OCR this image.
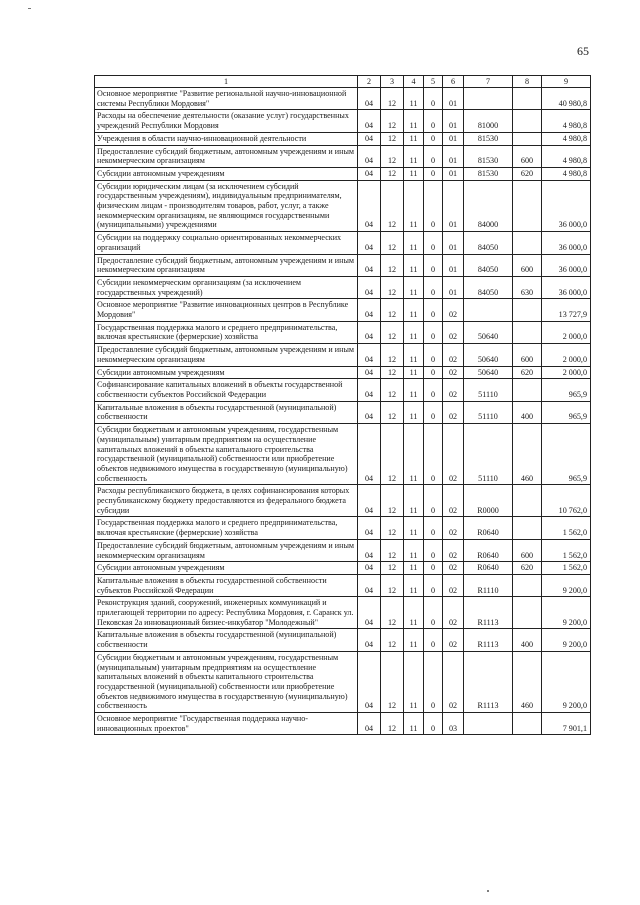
65
1	2	3	4	5	6	7	8	9
Основное мероприятие "Развитие региональной научно-инновационной системы Республики Мордовия"	04	12	11	0	01			40 980,8
Расходы на обеспечение деятельности (оказание услуг) государственных учреждений Республики Мордовия	04	12	11	0	01	81000		4 980,8
Учреждения в области научно-инновационной деятельности	04	12	11	0	01	81530		4 980,8
Предоставление субсидий бюджетным, автономным учреждениям и иным некоммерческим организациям	04	12	11	0	01	81530	600	4 980,8
Субсидии автономным учреждениям	04	12	11	0	01	81530	620	4 980,8
Субсидии юридическим лицам (за исключением субсидий государственным учреждениям), индивидуальным предпринимателям, физическим лицам - производителям товаров, работ, услуг, а также некоммерческим организациям, не являющимся государственными (муниципальными) учреждениями	04	12	11	0	01	84000		36 000,0
Субсидии на поддержку социально ориентированных некоммерческих организаций	04	12	11	0	01	84050		36 000,0
Предоставление субсидий бюджетным, автономным учреждениям и иным некоммерческим организациям	04	12	11	0	01	84050	600	36 000,0
Субсидии некоммерческим организациям (за исключением государственных учреждений)	04	12	11	0	01	84050	630	36 000,0
Основное мероприятие "Развитие инновационных центров в Республике Мордовия"	04	12	11	0	02			13 727,9
Государственная поддержка малого и среднего предпринимательства, включая крестьянские (фермерские) хозяйства	04	12	11	0	02	50640		2 000,0
Предоставление субсидий бюджетным, автономным учреждениям и иным некоммерческим организациям	04	12	11	0	02	50640	600	2 000,0
Субсидии автономным учреждениям	04	12	11	0	02	50640	620	2 000,0
Софинансирование капитальных вложений в объекты государственной собственности субъектов Российской Федерации	04	12	11	0	02	51110		965,9
Капитальные вложения в объекты государственной (муниципальной) собственности	04	12	11	0	02	51110	400	965,9
Субсидии бюджетным и автономным учреждениям, государственным (муниципальным) унитарным предприятиям на осуществление капитальных вложений в объекты капитального строительства государственной (муниципальной) собственности или приобретение объектов недвижимого имущества в государственную (муниципальную) собственность	04	12	11	0	02	51110	460	965,9
Расходы республиканского бюджета, в целях софинансирования которых республиканскому бюджету предоставляются из федерального бюджета субсидии	04	12	11	0	02	R0000		10 762,0
Государственная поддержка малого и среднего предпринимательства, включая крестьянские (фермерские) хозяйства	04	12	11	0	02	R0640		1 562,0
Предоставление субсидий бюджетным, автономным учреждениям и иным некоммерческим организациям	04	12	11	0	02	R0640	600	1 562,0
Субсидии автономным учреждениям	04	12	11	0	02	R0640	620	1 562,0
Капитальные вложения в объекты государственной собственности субъектов Российской Федерации	04	12	11	0	02	R1110		9 200,0
Реконструкция зданий, сооружений, инженерных коммуникаций и прилегающей территории по адресу: Республика Мордовия, г. Саранск ул. Пековская 2а инновационный бизнес-инкубатор "Молодежный"	04	12	11	0	02	R1113		9 200,0
Капитальные вложения в объекты государственной (муниципальной) собственности	04	12	11	0	02	R1113	400	9 200,0
Субсидии бюджетным и автономным учреждениям, государственным (муниципальным) унитарным предприятиям на осуществление капитальных вложений в объекты капитального строительства государственной (муниципальной) собственности или приобретение объектов недвижимого имущества в государственную (муниципальную) собственность	04	12	11	0	02	R1113	460	9 200,0
Основное мероприятие "Государственная поддержка научно-инновационных проектов"	04	12	11	0	03			7 901,1
